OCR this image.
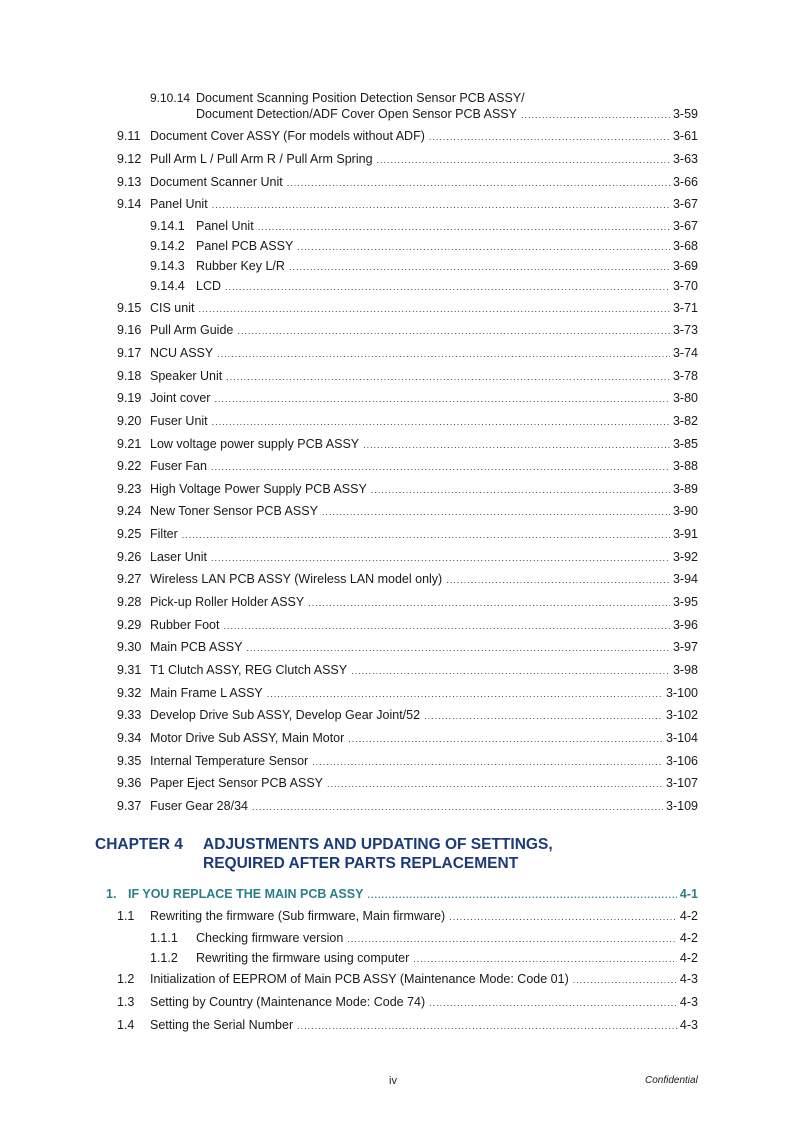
9.10.14 Document Scanning Position Detection Sensor PCB ASSY/
Document Detection/ADF Cover Open Sensor PCB ASSY .....	3-59
9.11 Document Cover ASSY (For models without ADF) .....	3-61
9.12 Pull Arm L / Pull Arm R / Pull Arm Spring .....	3-63
9.13 Document Scanner Unit .....	3-66
9.14 Panel Unit .....	3-67
9.14.1 Panel Unit .....	3-67
9.14.2 Panel PCB ASSY .....	3-68
9.14.3 Rubber Key L/R .....	3-69
9.14.4 LCD .....	3-70
9.15 CIS unit .....	3-71
9.16 Pull Arm Guide .....	3-73
9.17 NCU ASSY .....	3-74
9.18 Speaker Unit .....	3-78
9.19 Joint cover .....	3-80
9.20 Fuser Unit .....	3-82
9.21 Low voltage power supply PCB ASSY .....	3-85
9.22 Fuser Fan .....	3-88
9.23 High Voltage Power Supply PCB ASSY .....	3-89
9.24 New Toner Sensor PCB ASSY .....	3-90
9.25 Filter .....	3-91
9.26 Laser Unit .....	3-92
9.27 Wireless LAN PCB ASSY (Wireless LAN model only) .....	3-94
9.28 Pick-up Roller Holder ASSY .....	3-95
9.29 Rubber Foot .....	3-96
9.30 Main PCB ASSY .....	3-97
9.31 T1 Clutch ASSY, REG Clutch ASSY .....	3-98
9.32 Main Frame L ASSY .....	3-100
9.33 Develop Drive Sub ASSY, Develop Gear Joint/52 .....	3-102
9.34 Motor Drive Sub ASSY, Main Motor .....	3-104
9.35 Internal Temperature Sensor .....	3-106
9.36 Paper Eject Sensor PCB ASSY .....	3-107
9.37 Fuser Gear 28/34 .....	3-109
CHAPTER 4 ADJUSTMENTS AND UPDATING OF SETTINGS,
REQUIRED AFTER PARTS REPLACEMENT
1. IF YOU REPLACE THE MAIN PCB ASSY .....	4-1
1.1	Rewriting the firmware (Sub firmware, Main firmware) .....	4-2
1.1.1	Checking firmware version .....	4-2
1.1.2	Rewriting the firmware using computer .....	4-2
1.2	Initialization of EEPROM of Main PCB ASSY (Maintenance Mode: Code 01) .....	4-3
1.3	Setting by Country (Maintenance Mode: Code 74) .....	4-3
1.4	Setting the Serial Number .....	4-3
iv	Confidential
